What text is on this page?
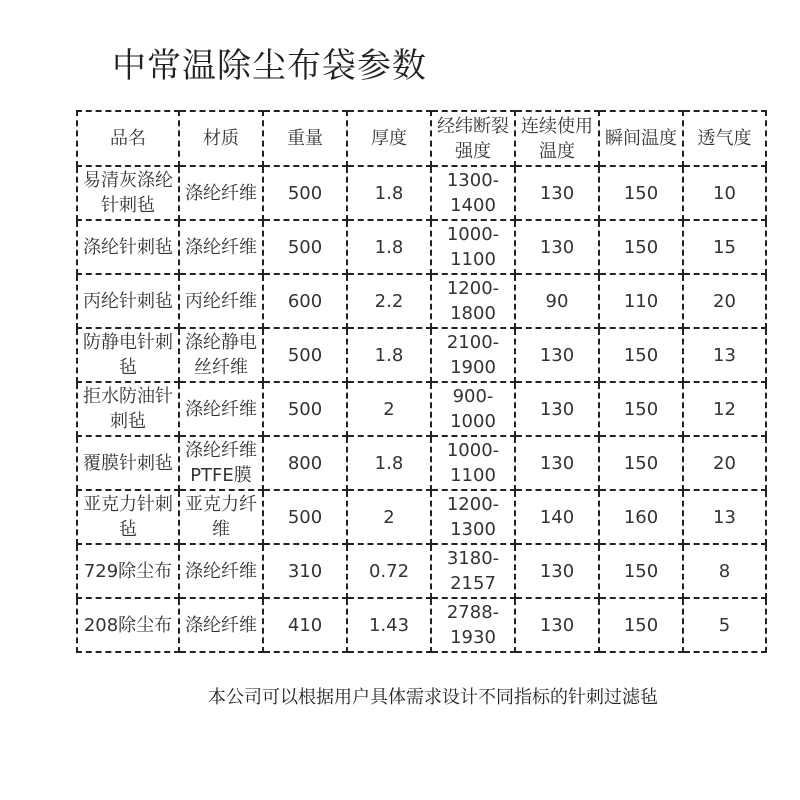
中常温除尘布袋参数
品名	材质	重量	厚度	经纬断裂强度	连续使用温度	瞬间温度	透气度
易清灰涤纶针刺毡	涤纶纤维	500	1.8	1300-1400	130	150	10
涤纶针刺毡	涤纶纤维	500	1.8	1000-1100	130	150	15
丙纶针刺毡	丙纶纤维	600	2.2	1200-1800	90	110	20
防静电针刺毡	涤纶静电丝纤维	500	1.8	2100-1900	130	150	13
拒水防油针刺毡	涤纶纤维	500	2	900-1000	130	150	12
覆膜针刺毡	涤纶纤维PTFE膜	800	1.8	1000-1100	130	150	20
亚克力针刺毡	亚克力纤维	500	2	1200-1300	140	160	13
729除尘布	涤纶纤维	310	0.72	3180-2157	130	150	8
208除尘布	涤纶纤维	410	1.43	2788-1930	130	150	5
本公司可以根据用户具体需求设计不同指标的针刺过滤毡
